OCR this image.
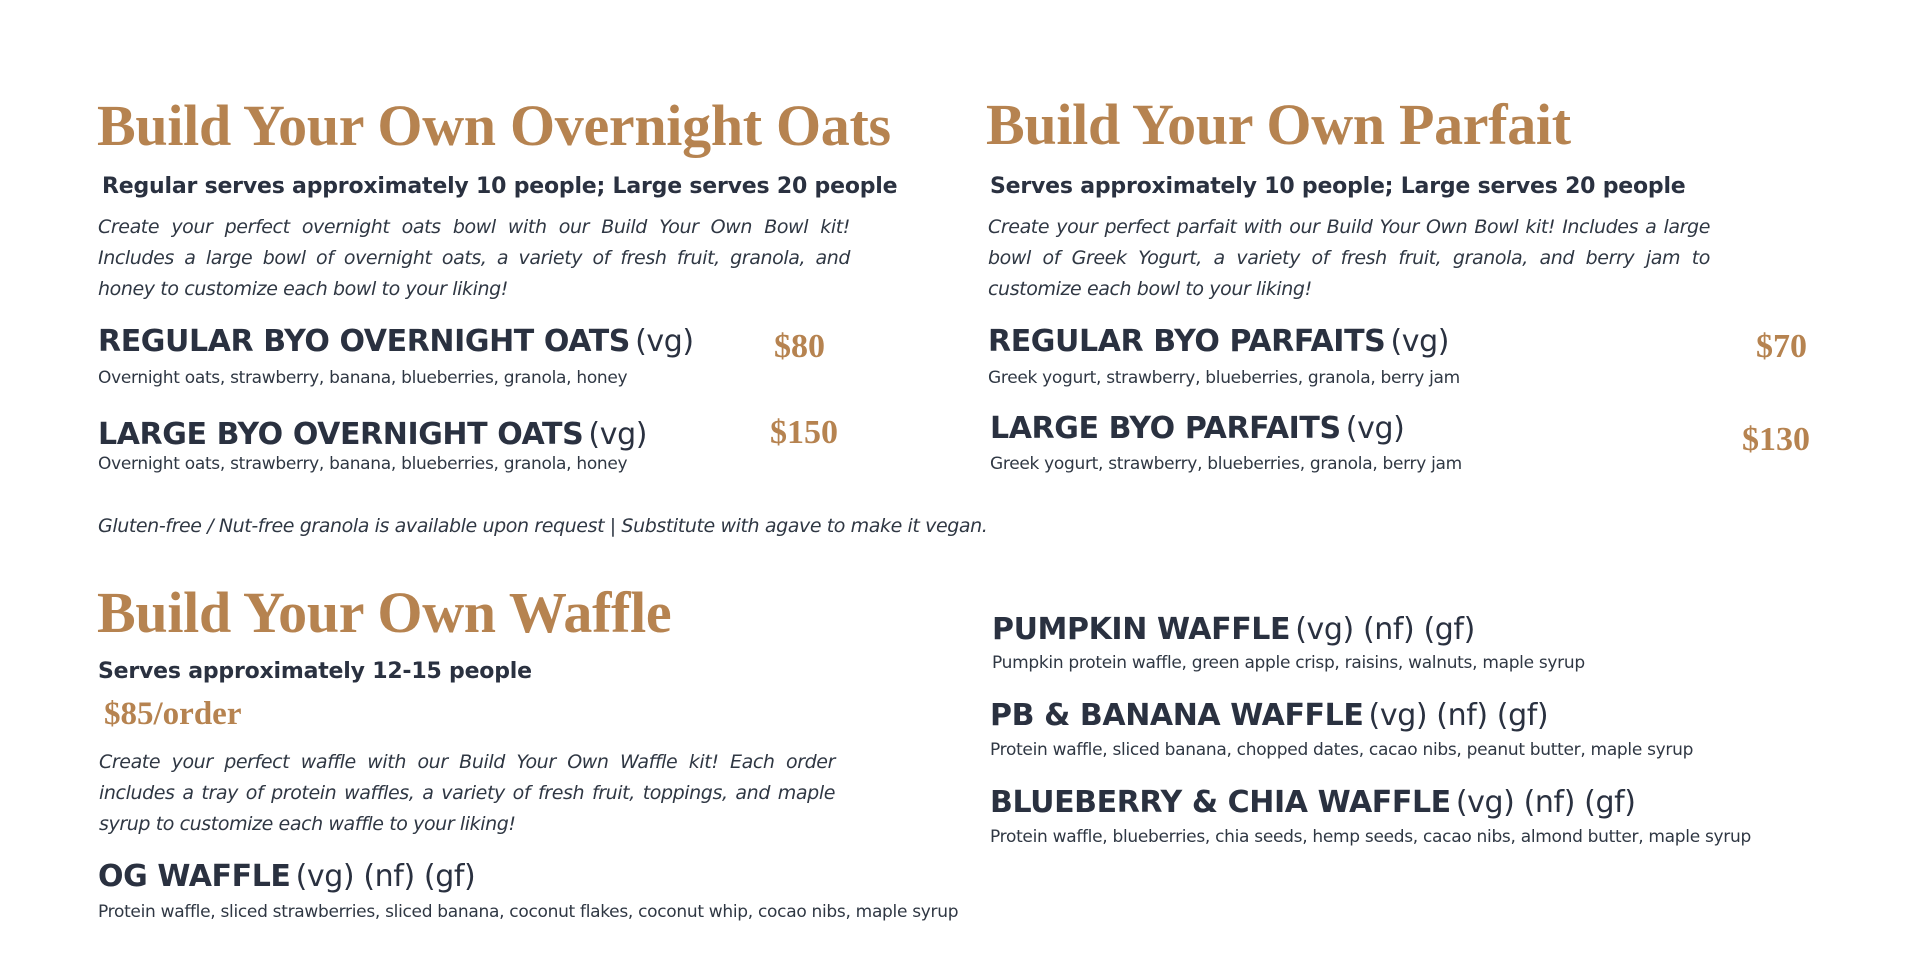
Build Your Own Overnight Oats
Regular serves approximately 10 people; Large serves 20 people
Create your perfect overnight oats bowl with our Build Your Own Bowl kit! Includes a large bowl of overnight oats, a variety of fresh fruit, granola, and honey to customize each bowl to your liking!
REGULAR BYO OVERNIGHT OATS (vg)
Overnight oats, strawberry, banana, blueberries, granola, honey
$80
LARGE BYO OVERNIGHT OATS (vg)
Overnight oats, strawberry, banana, blueberries, granola, honey
$150
Gluten-free / Nut-free granola is available upon request | Substitute with agave to make it vegan.
Build Your Own Parfait
Serves approximately 10 people; Large serves 20 people
Create your perfect parfait with our Build Your Own Bowl kit! Includes a large bowl of Greek Yogurt, a variety of fresh fruit, granola, and berry jam to customize each bowl to your liking!
REGULAR BYO PARFAITS (vg)
Greek yogurt, strawberry, blueberries, granola, berry jam
$70
LARGE BYO PARFAITS (vg)
Greek yogurt, strawberry, blueberries, granola, berry jam
$130
Build Your Own Waffle
Serves approximately 12-15 people
$85/order
Create your perfect waffle with our Build Your Own Waffle kit! Each order includes a tray of protein waffles, a variety of fresh fruit, toppings, and maple syrup to customize each waffle to your liking!
OG WAFFLE (vg) (nf) (gf)
Protein waffle, sliced strawberries, sliced banana, coconut flakes, coconut whip, cocao nibs, maple syrup
PUMPKIN WAFFLE (vg) (nf) (gf)
Pumpkin protein waffle, green apple crisp, raisins, walnuts, maple syrup
PB & BANANA WAFFLE (vg) (nf) (gf)
Protein waffle, sliced banana, chopped dates, cacao nibs, peanut butter, maple syrup
BLUEBERRY & CHIA WAFFLE (vg) (nf) (gf)
Protein waffle, blueberries, chia seeds, hemp seeds, cacao nibs, almond butter, maple syrup
